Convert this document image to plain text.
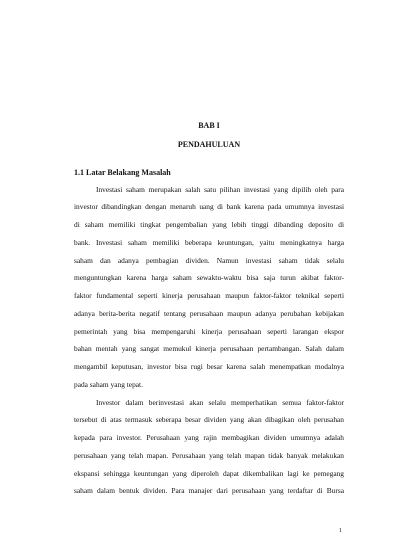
BAB I
PENDAHULUAN
1.1 Latar Belakang Masalah
Investasi saham merupakan salah satu pilihan investasi yang dipilih oleh para
investor dibandingkan dengan menaruh uang di bank karena pada umumnya investasi
di saham memiliki tingkat pengembalian yang lebih tinggi dibanding deposito di
bank. Investasi saham memiliki beberapa keuntungan, yaitu meningkatnya harga
saham dan adanya pembagian dividen. Namun investasi saham tidak selalu
menguntungkan karena harga saham sewaktu-waktu bisa saja turun akibat faktor-
faktor fundamental seperti kinerja perusahaan maupun faktor-faktor teknikal seperti
adanya berita-berita negatif tentang perusahaan maupun adanya perubahan kebijakan
pemerintah yang bisa mempengaruhi kinerja perusahaan seperti larangan ekspor
bahan mentah yang sangat memukul kinerja perusahaan pertambangan. Salah dalam
mengambil keputusan, investor bisa rugi besar karena salah menempatkan modalnya
pada saham yang tepat.
Investor dalam berinvestasi akan selalu memperhatikan semua faktor-faktor
tersebut di atas termasuk seberapa besar dividen yang akan dibagikan oleh perusahan
kepada para investor. Perusahaan yang rajin membagikan dividen umumnya adalah
perusahaan yang telah mapan. Perusahaan yang telah mapan tidak banyak melakukan
ekspansi sehingga keuntungan yang diperoleh dapat dikembalikan lagi ke pemegang
saham dalam bentuk dividen. Para manajer dari perusahaan yang terdaftar di Bursa
1
